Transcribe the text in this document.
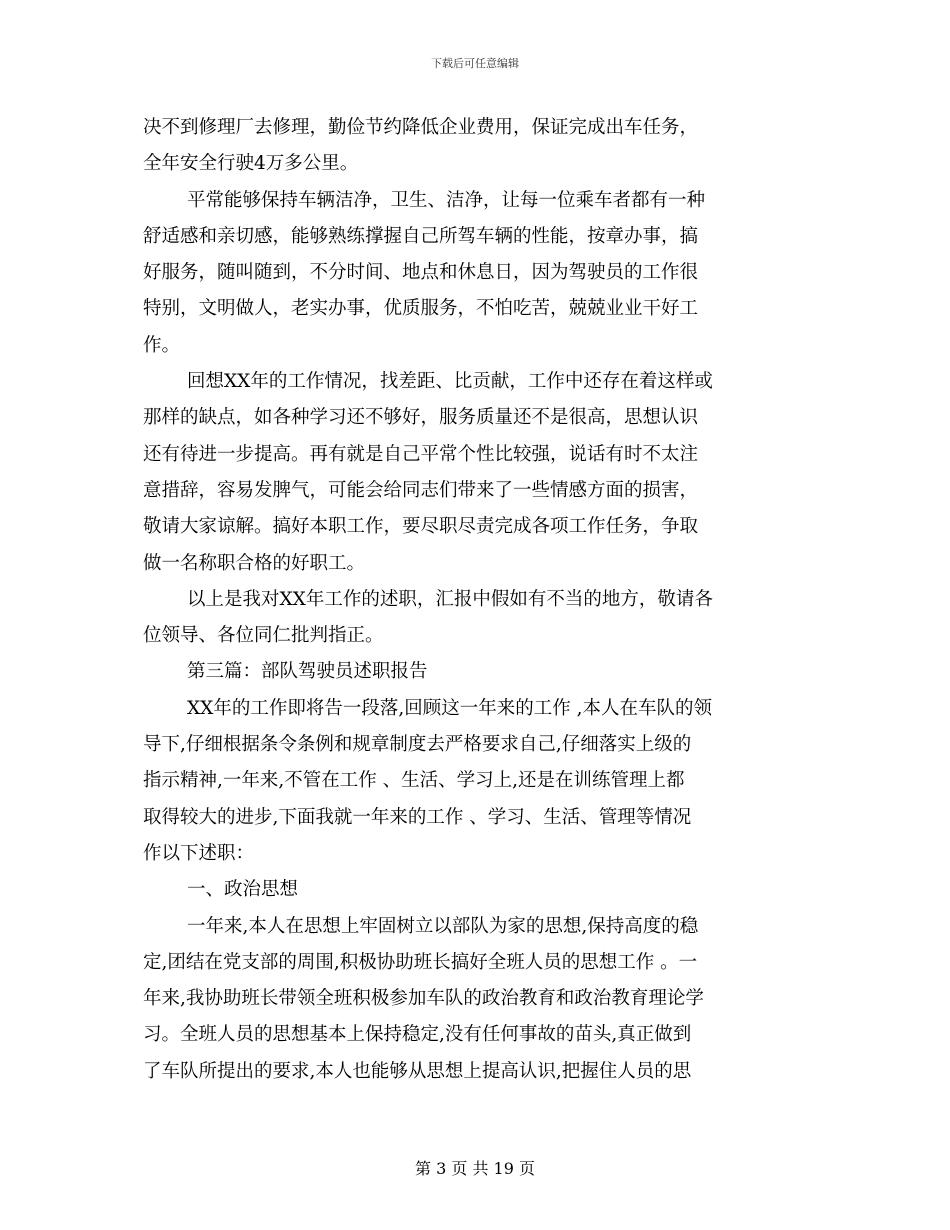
下载后可任意编辑
决不到修理厂去修理，勤俭节约降低企业费用，保证完成出车任务，
全年安全行驶4万多公里。
平常能够保持车辆洁净，卫生、洁净，让每一位乘车者都有一种
舒适感和亲切感，能够熟练撑握自己所驾车辆的性能，按章办事，搞
好服务，随叫随到，不分时间、地点和休息日，因为驾驶员的工作很
特别，文明做人，老实办事，优质服务，不怕吃苦，兢兢业业干好工
作。
回想XX年的工作情况，找差距、比贡献，工作中还存在着这样或
那样的缺点，如各种学习还不够好，服务质量还不是很高，思想认识
还有待进一步提高。再有就是自己平常个性比较强，说话有时不太注
意措辞，容易发脾气，可能会给同志们带来了一些情感方面的损害，
敬请大家谅解。搞好本职工作，要尽职尽责完成各项工作任务，争取
做一名称职合格的好职工。
以上是我对XX年工作的述职，汇报中假如有不当的地方，敬请各
位领导、各位同仁批判指正。
第三篇：部队驾驶员述职报告
XX年的工作即将告一段落,回顾这一年来的工作 ,本人在车队的领
导下,仔细根据条令条例和规章制度去严格要求自己,仔细落实上级的
指示精神,一年来,不管在工作 、生活、学习上,还是在训练管理上都
取得较大的进步,下面我就一年来的工作 、学习、生活、管理等情况
作以下述职：
一、政治思想
一年来,本人在思想上牢固树立以部队为家的思想,保持高度的稳
定,团结在党支部的周围,积极协助班长搞好全班人员的思想工作 。一
年来,我协助班长带领全班积极参加车队的政治教育和政治教育理论学
习。全班人员的思想基本上保持稳定,没有任何事故的苗头,真正做到
了车队所提出的要求,本人也能够从思想上提高认识,把握住人员的思
第 3 页 共 19 页
